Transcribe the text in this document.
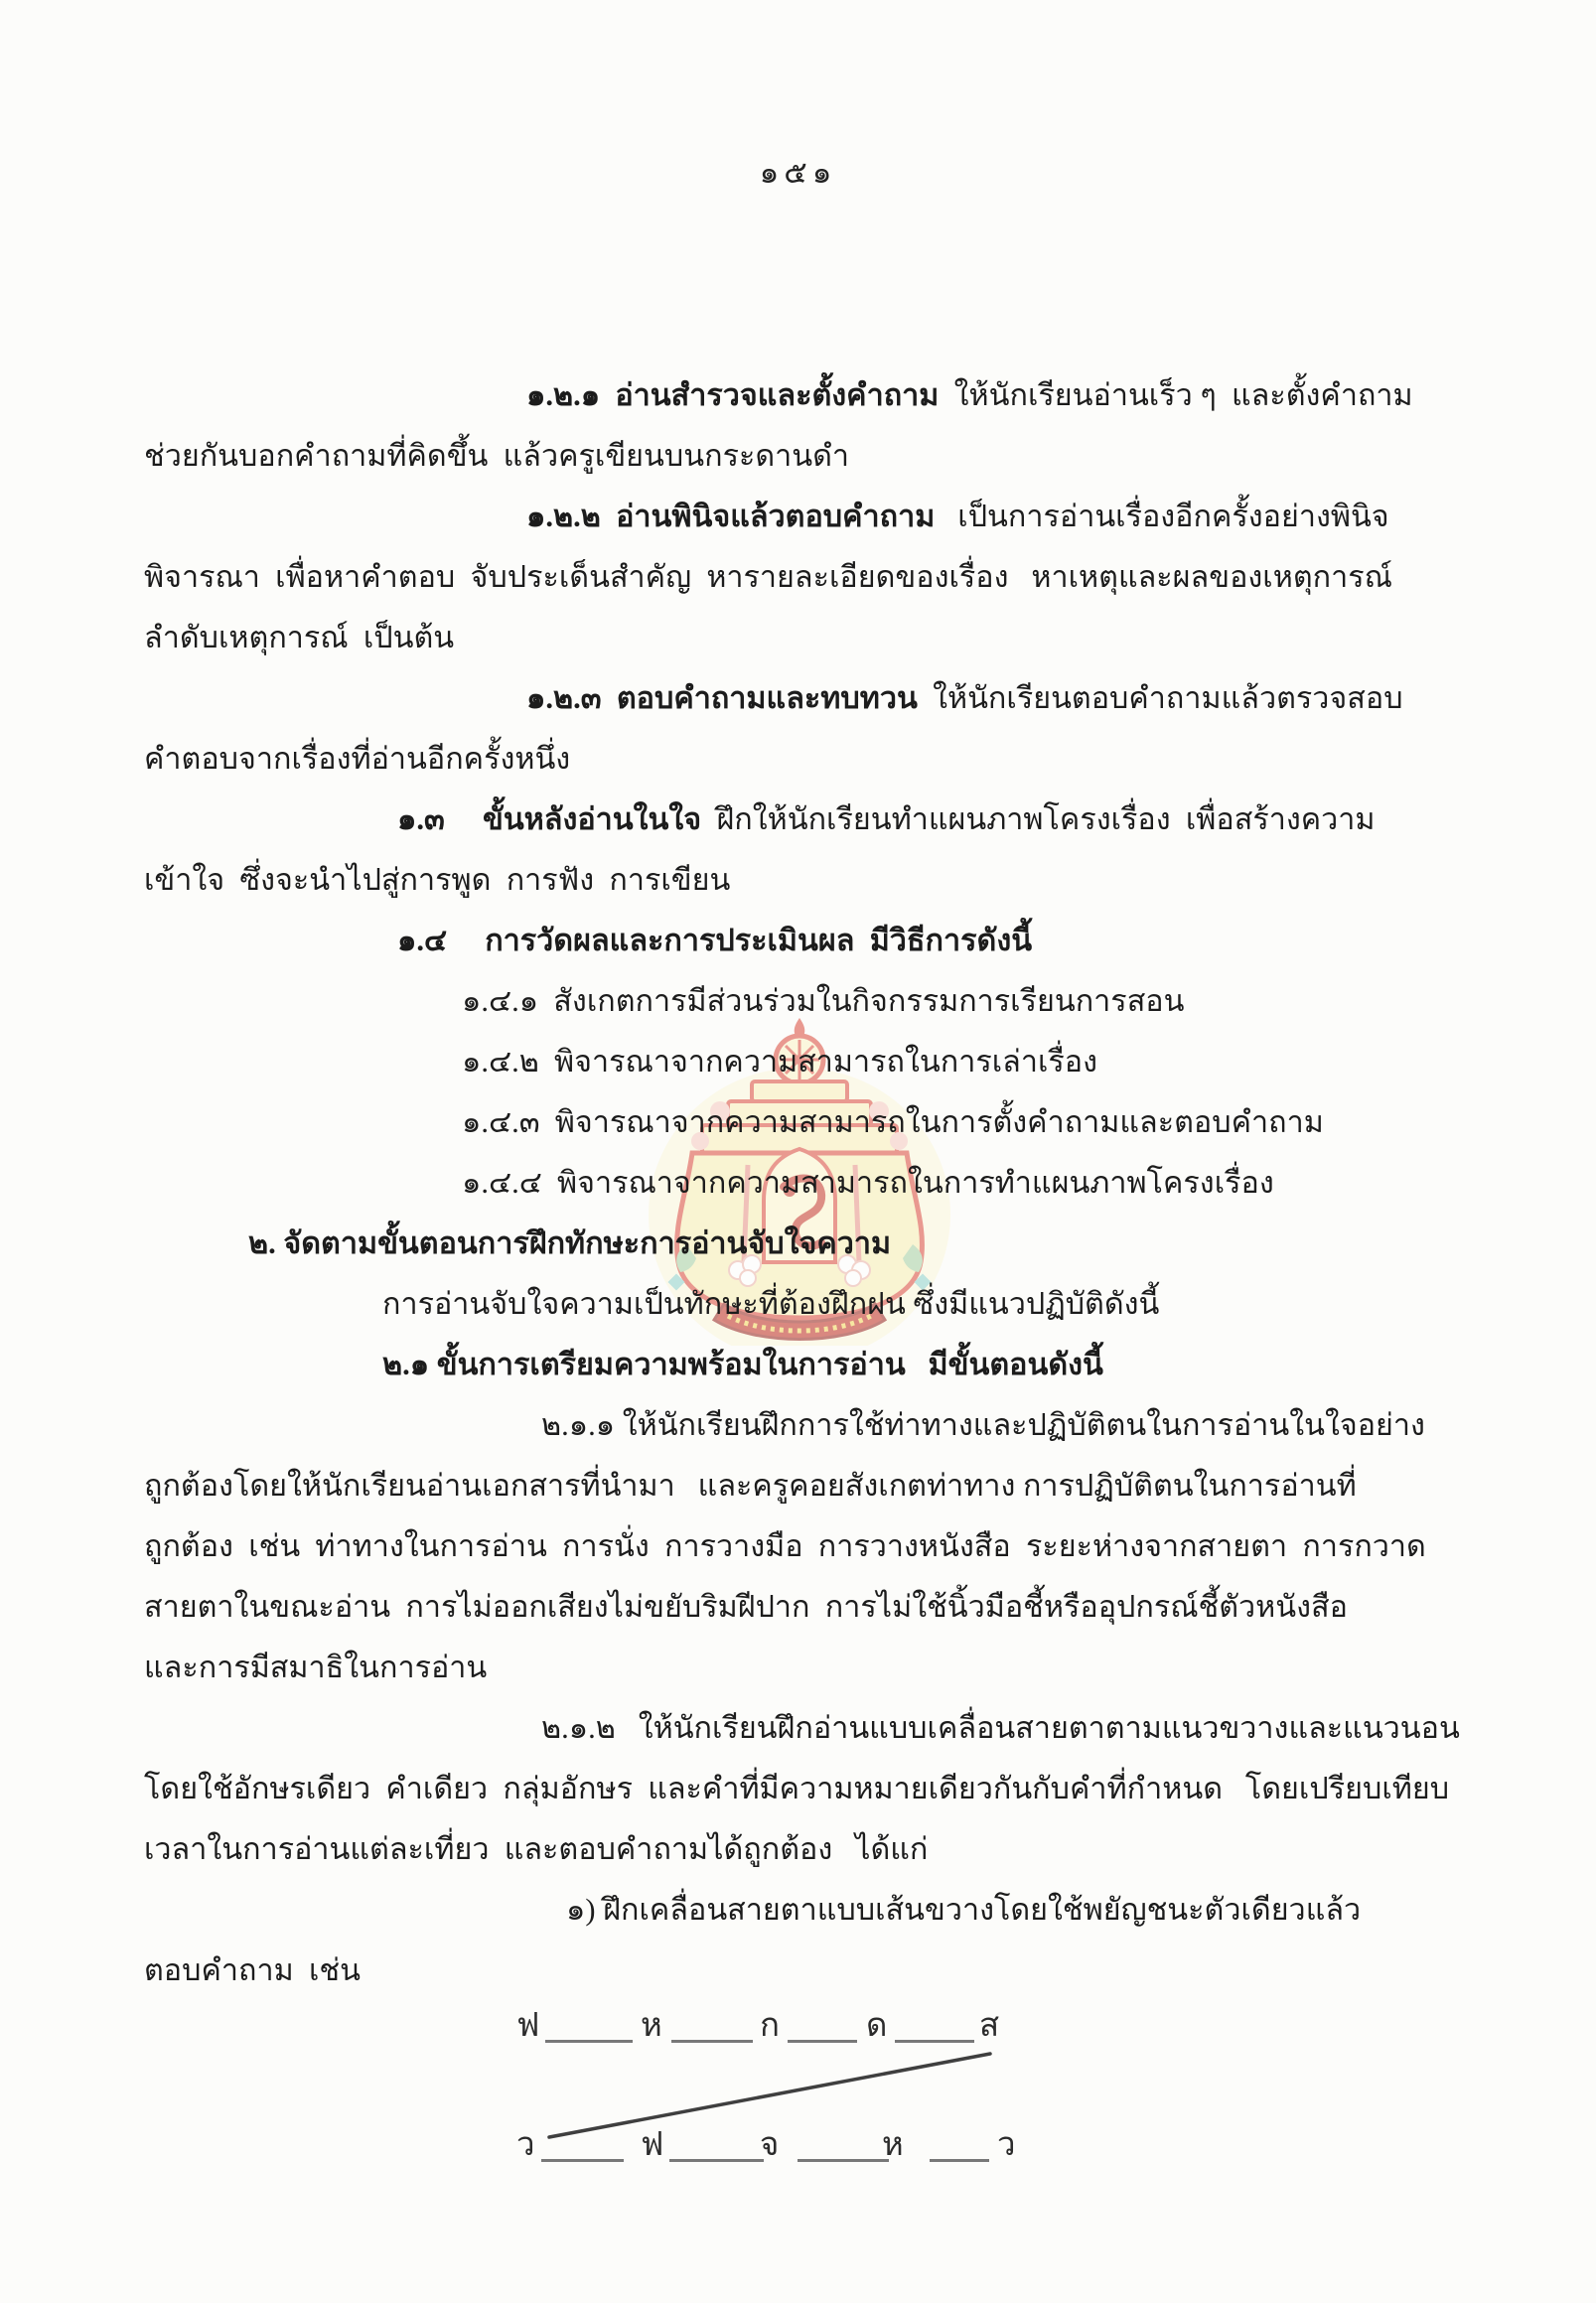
๑๕๑
๑.๒.๑  อ่านสำรวจและตั้งคำถาม  ให้นักเรียนอ่านเร็ว ๆ  และตั้งคำถาม
ช่วยกันบอกคำถามที่คิดขึ้น  แล้วครูเขียนบนกระดานดำ
๑.๒.๒  อ่านพินิจแล้วตอบคำถาม   เป็นการอ่านเรื่องอีกครั้งอย่างพินิจ
พิจารณา  เพื่อหาคำตอบ  จับประเด็นสำคัญ  หารายละเอียดของเรื่อง   หาเหตุและผลของเหตุการณ์
ลำดับเหตุการณ์  เป็นต้น
๑.๒.๓  ตอบคำถามและทบทวน  ให้นักเรียนตอบคำถามแล้วตรวจสอบ
คำตอบจากเรื่องที่อ่านอีกครั้งหนึ่ง
๑.๓     ขั้นหลังอ่านในใจ  ฝึกให้นักเรียนทำแผนภาพโครงเรื่อง  เพื่อสร้างความ
เข้าใจ  ซึ่งจะนำไปสู่การพูด  การฟัง  การเขียน
๑.๔     การวัดผลและการประเมินผล  มีวิธีการดังนี้
๑.๔.๑  สังเกตการมีส่วนร่วมในกิจกรรมการเรียนการสอน
๑.๔.๒  พิจารณาจากความสามารถในการเล่าเรื่อง
๑.๔.๓  พิจารณาจากความสามารถในการตั้งคำถามและตอบคำถาม
๑.๔.๔  พิจารณาจากความสามารถในการทำแผนภาพโครงเรื่อง
๒. จัดตามขั้นตอนการฝึกทักษะการอ่านจับใจความ
การอ่านจับใจความเป็นทักษะที่ต้องฝึกฝน ซึ่งมีแนวปฏิบัติดังนี้
๒.๑ ขั้นการเตรียมความพร้อมในการอ่าน   มีขั้นตอนดังนี้
๒.๑.๑ ให้นักเรียนฝึกการใช้ท่าทางและปฏิบัติตนในการอ่านในใจอย่าง
ถูกต้องโดยให้นักเรียนอ่านเอกสารที่นำมา   และครูคอยสังเกตท่าทาง การปฏิบัติตนในการอ่านที่
ถูกต้อง  เช่น  ท่าทางในการอ่าน  การนั่ง  การวางมือ  การวางหนังสือ  ระยะห่างจากสายตา  การกวาด
สายตาในขณะอ่าน  การไม่ออกเสียงไม่ขยับริมฝีปาก  การไม่ใช้นิ้วมือชี้หรืออุปกรณ์ชี้ตัวหนังสือ
และการมีสมาธิในการอ่าน
๒.๑.๒   ให้นักเรียนฝึกอ่านแบบเคลื่อนสายตาตามแนวขวางและแนวนอน
โดยใช้อักษรเดียว  คำเดียว  กลุ่มอักษร  และคำที่มีความหมายเดียวกันกับคำที่กำหนด   โดยเปรียบเทียบ
เวลาในการอ่านแต่ละเที่ยว  และตอบคำถามได้ถูกต้อง   ได้แก่
๑) ฝึกเคลื่อนสายตาแบบเส้นขวางโดยใช้พยัญชนะตัวเดียวแล้ว
ตอบคำถาม  เช่น
ฟ	ห	ก	ด	ส
ว	ฟ	จ	ห	ว
